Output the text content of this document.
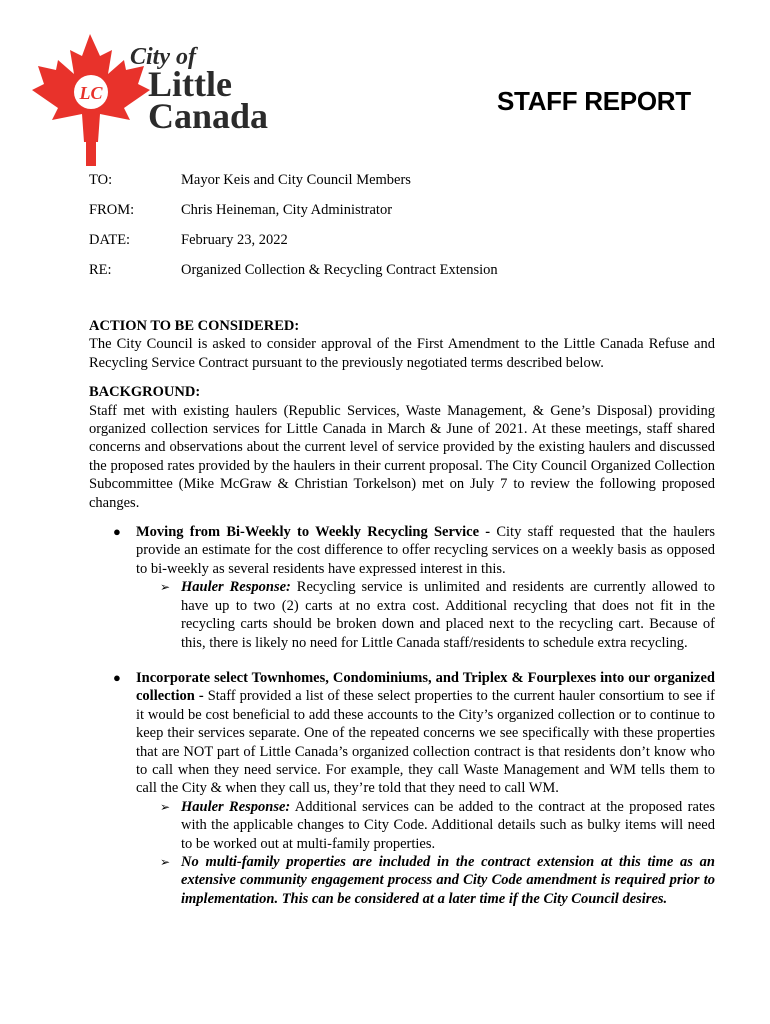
LC
City of
Little
Canada	STAFF REPORT
TO:	Mayor Keis and City Council Members
FROM:	Chris Heineman, City Administrator
DATE:	February 23, 2022
RE:	Organized Collection & Recycling Contract Extension
ACTION TO BE CONSIDERED:

The City Council is asked to consider approval of the First Amendment to the Little Canada Refuse and Recycling Service Contract pursuant to the previously negotiated terms described below.

BACKGROUND:

Staff met with existing haulers (Republic Services, Waste Management, & Gene’s Disposal) providing organized collection services for Little Canada in March & June of 2021. At these meetings, staff shared concerns and observations about the current level of service provided by the existing haulers and discussed the proposed rates provided by the haulers in their current proposal. The City Council Organized Collection Subcommittee (Mike McGraw & Christian Torkelson) met on July 7 to review the following proposed changes.

● Moving from Bi-Weekly to Weekly Recycling Service - City staff requested that the haulers provide an estimate for the cost difference to offer recycling services on a weekly basis as opposed to bi-weekly as several residents have expressed interest in this.

➢ Hauler Response: Recycling service is unlimited and residents are currently allowed to have up to two (2) carts at no extra cost. Additional recycling that does not fit in the recycling carts should be broken down and placed next to the recycling cart. Because of this, there is likely no need for Little Canada staff/residents to schedule extra recycling.

● Incorporate select Townhomes, Condominiums, and Triplex & Fourplexes into our organized collection - Staff provided a list of these select properties to the current hauler consortium to see if it would be cost beneficial to add these accounts to the City’s organized collection or to continue to keep their services separate. One of the repeated concerns we see specifically with these properties that are NOT part of Little Canada’s organized collection contract is that residents don’t know who to call when they need service. For example, they call Waste Management and WM tells them to call the City & when they call us, they’re told that they need to call WM.

➢ Hauler Response: Additional services can be added to the contract at the proposed rates with the applicable changes to City Code. Additional details such as bulky items will need to be worked out at multi-family properties.

➢ No multi-family properties are included in the contract extension at this time as an extensive community engagement process and City Code amendment is required prior to implementation. This can be considered at a later time if the City Council desires.
